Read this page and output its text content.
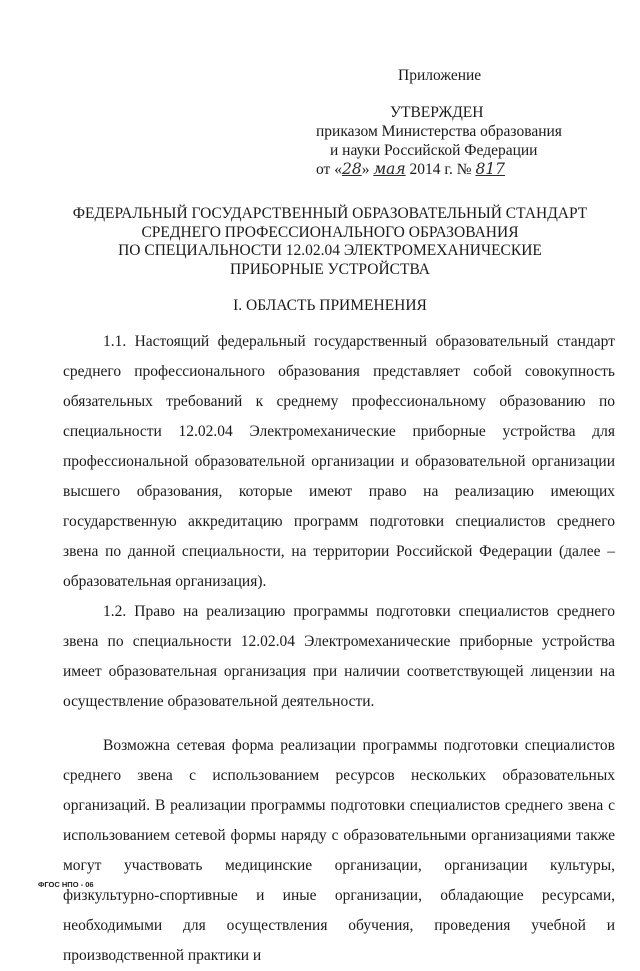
Приложение
УТВЕРЖДЕН
приказом Министерства образования
и науки Российской Федерации
от «28» мая 2014 г. № 817
ФЕДЕРАЛЬНЫЙ ГОСУДАРСТВЕННЫЙ ОБРАЗОВАТЕЛЬНЫЙ СТАНДАРТ
СРЕДНЕГО ПРОФЕССИОНАЛЬНОГО ОБРАЗОВАНИЯ
ПО СПЕЦИАЛЬНОСТИ 12.02.04 ЭЛЕКТРОМЕХАНИЧЕСКИЕ
ПРИБОРНЫЕ УСТРОЙСТВА
I. ОБЛАСТЬ ПРИМЕНЕНИЯ

1.1. Настоящий федеральный государственный образовательный стандарт среднего профессионального образования представляет собой совокупность обязательных требований к среднему профессиональному образованию по специальности 12.02.04 Электромеханические приборные устройства для профессиональной образовательной организации и образовательной организации высшего образования, которые имеют право на реализацию имеющих государственную аккредитацию программ подготовки специалистов среднего звена по данной специальности, на территории Российской Федерации (далее – образовательная организация).

1.2. Право на реализацию программы подготовки специалистов среднего звена по специальности 12.02.04 Электромеханические приборные устройства имеет образовательная организация при наличии соответствующей лицензии на осуществление образовательной деятельности.

Возможна сетевая форма реализации программы подготовки специалистов среднего звена с использованием ресурсов нескольких образовательных организаций. В реализации программы подготовки специалистов среднего звена с использованием сетевой формы наряду с образовательными организациями также могут участвовать медицинские организации, организации культуры, физкультурно-спортивные и иные организации, обладающие ресурсами, необходимыми для осуществления обучения, проведения учебной и производственной практики и

ФГОС НПО - 06
